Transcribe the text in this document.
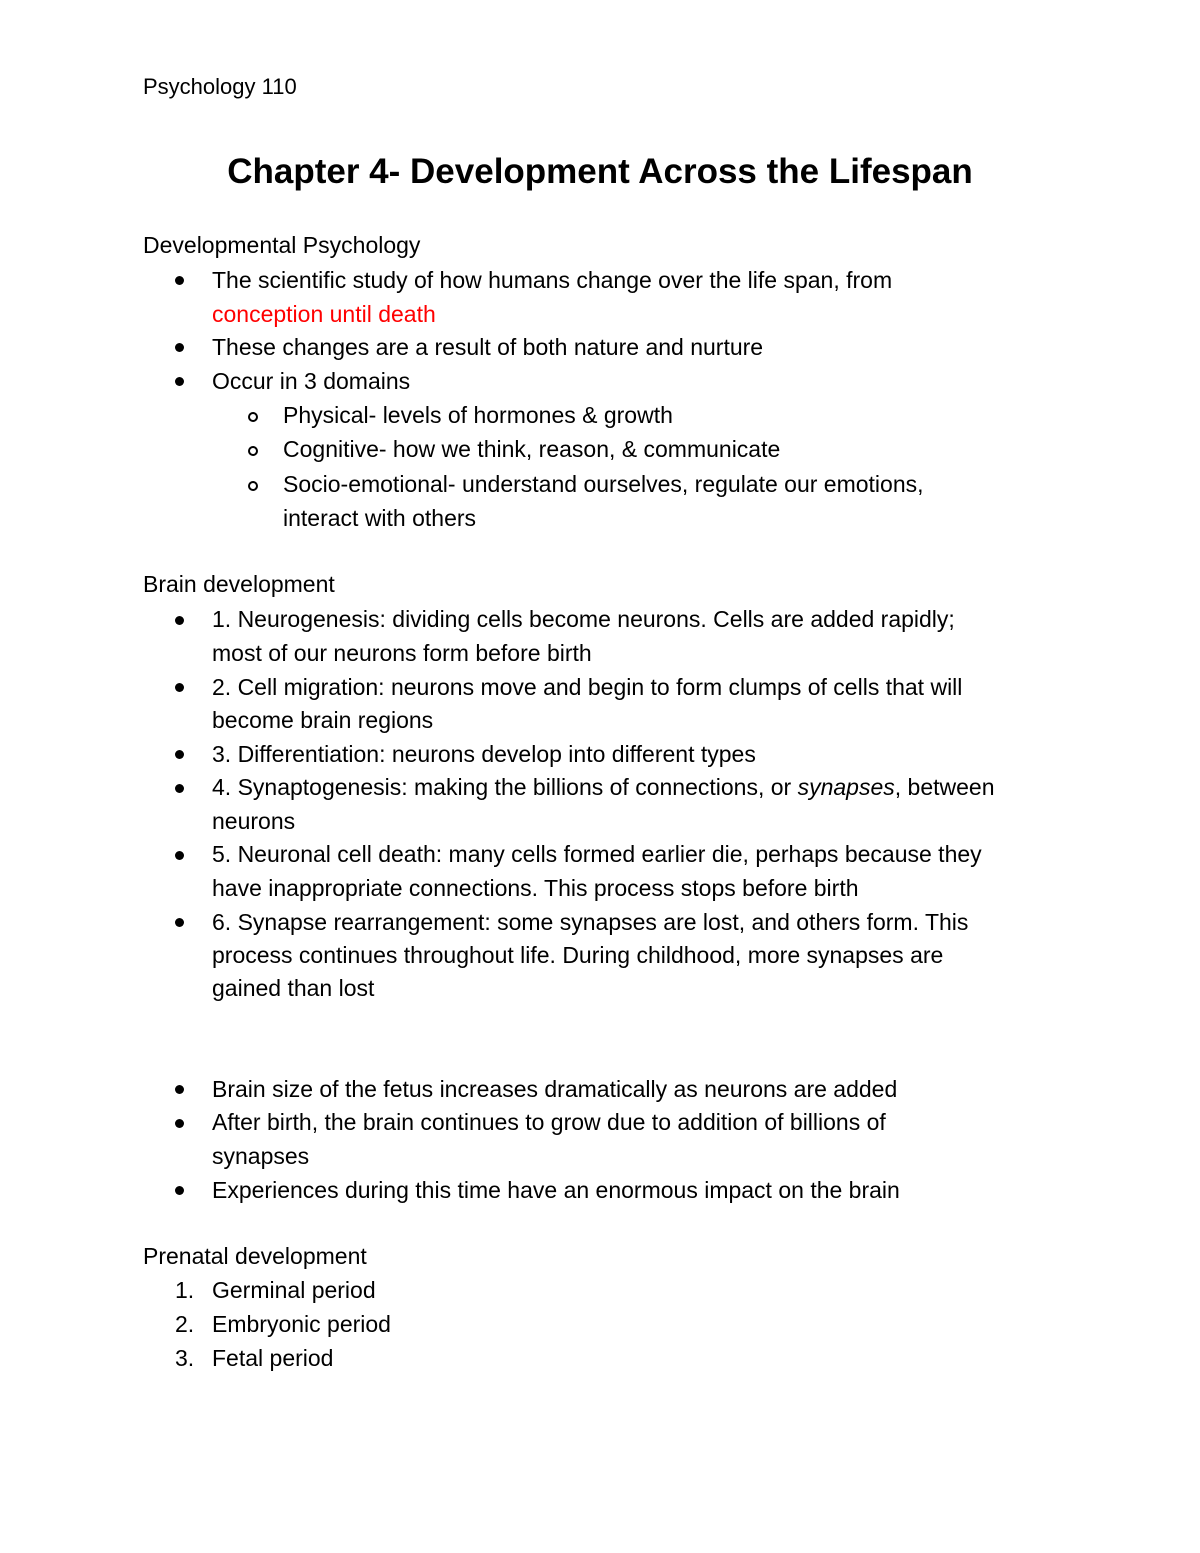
Psychology 110
Chapter 4- Development Across the Lifespan
Developmental Psychology
The scientific study of how humans change over the life span, from
conception until death
These changes are a result of both nature and nurture
Occur in 3 domains
Physical- levels of hormones & growth
Cognitive- how we think, reason, & communicate
Socio-emotional- understand ourselves, regulate our emotions,
interact with others
Brain development
1. Neurogenesis: dividing cells become neurons. Cells are added rapidly;
most of our neurons form before birth
2. Cell migration: neurons move and begin to form clumps of cells that will
become brain regions
3. Differentiation: neurons develop into different types
4. Synaptogenesis: making the billions of connections, or synapses, between
neurons
5. Neuronal cell death: many cells formed earlier die, perhaps because they
have inappropriate connections. This process stops before birth
6. Synapse rearrangement: some synapses are lost, and others form. This
process continues throughout life. During childhood, more synapses are
gained than lost
Brain size of the fetus increases dramatically as neurons are added
After birth, the brain continues to grow due to addition of billions of
synapses
Experiences during this time have an enormous impact on the brain
Prenatal development
1. Germinal period
2. Embryonic period
3. Fetal period
